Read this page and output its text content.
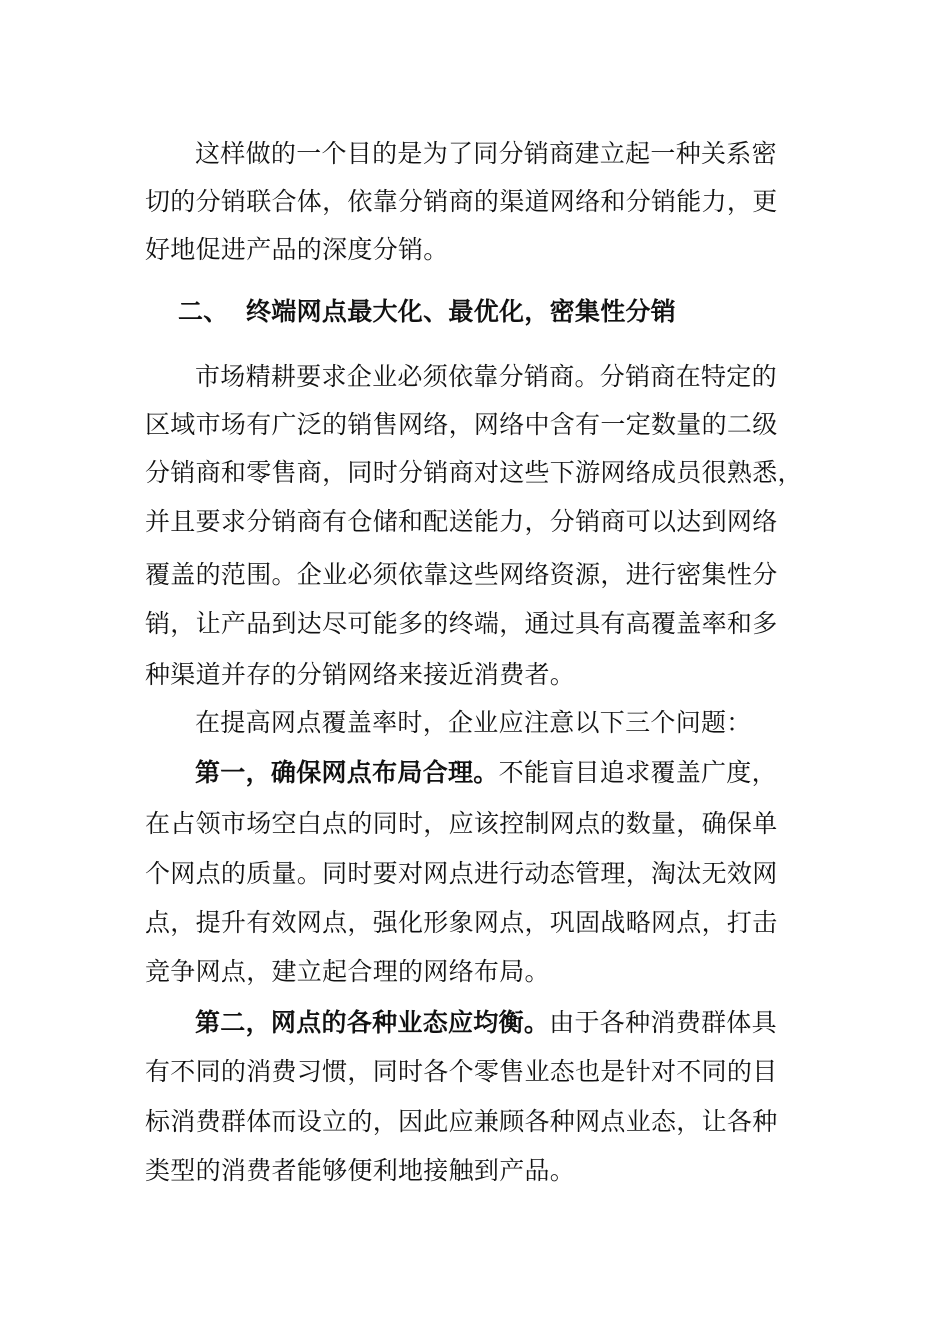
这样做的一个目的是为了同分销商建立起一种关系密
切的分销联合体，依靠分销商的渠道网络和分销能力，更
好地促进产品的深度分销。
二、 终端网点最大化、最优化，密集性分销
市场精耕要求企业必须依靠分销商。分销商在特定的
区域市场有广泛的销售网络，网络中含有一定数量的二级
分销商和零售商，同时分销商对这些下游网络成员很熟悉，
并且要求分销商有仓储和配送能力，分销商可以达到网络
覆盖的范围。企业必须依靠这些网络资源，进行密集性分
销，让产品到达尽可能多的终端，通过具有高覆盖率和多
种渠道并存的分销网络来接近消费者。
在提高网点覆盖率时，企业应注意以下三个问题：
第一，确保网点布局合理。不能盲目追求覆盖广度，
在占领市场空白点的同时，应该控制网点的数量，确保单
个网点的质量。同时要对网点进行动态管理，淘汰无效网
点，提升有效网点，强化形象网点，巩固战略网点，打击
竞争网点，建立起合理的网络布局。
第二，网点的各种业态应均衡。由于各种消费群体具
有不同的消费习惯，同时各个零售业态也是针对不同的目
标消费群体而设立的，因此应兼顾各种网点业态，让各种
类型的消费者能够便利地接触到产品。
